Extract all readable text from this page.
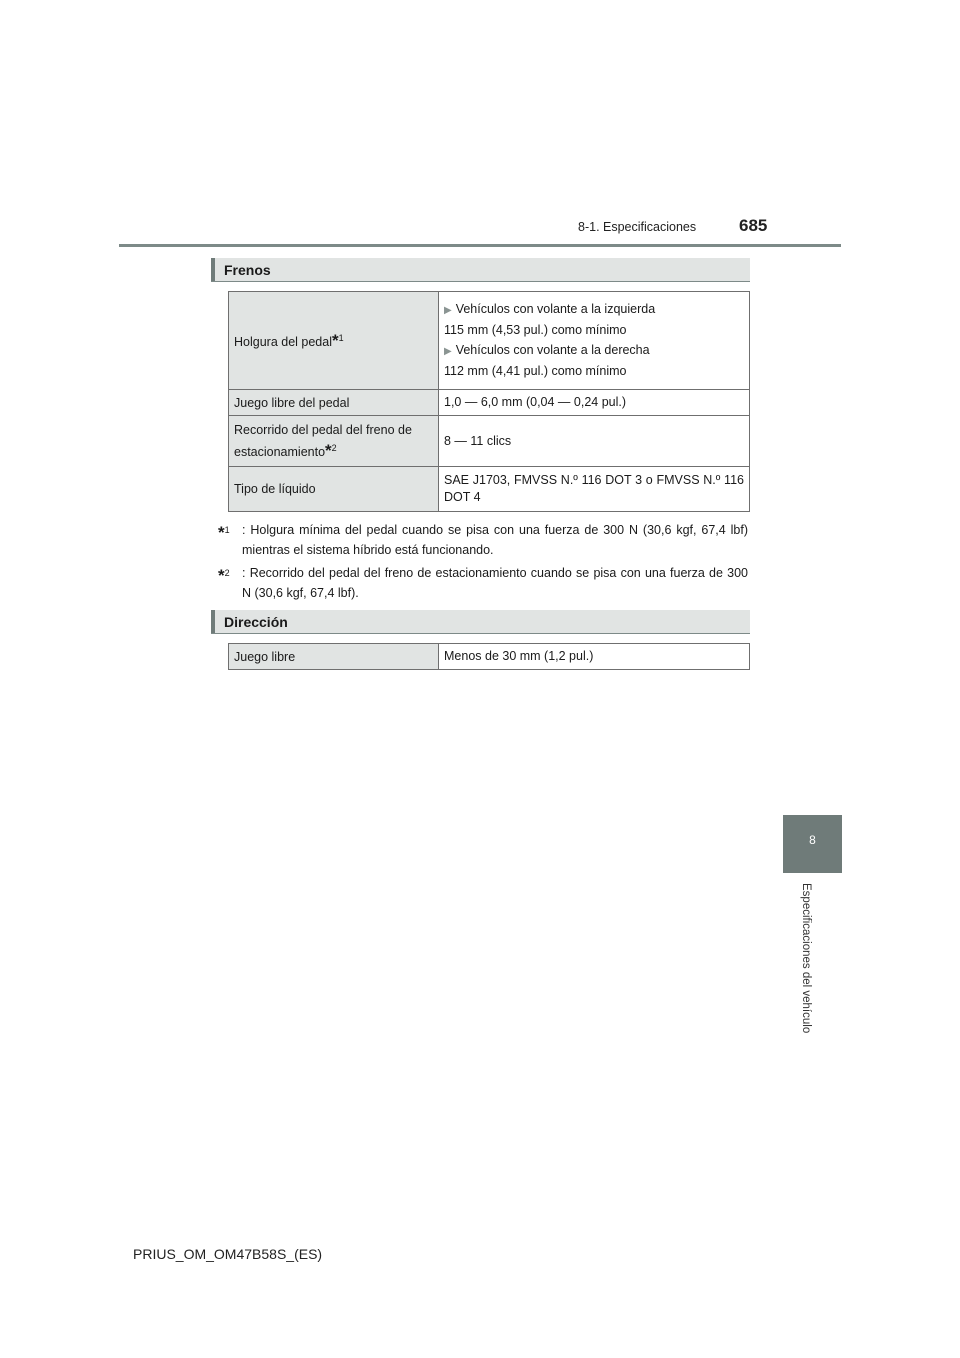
8-1. Especificaciones	685
Frenos
Holgura del pedal*$^1$	▶ Vehículos con volante a la izquierda
115 mm (4,53 pul.) como mínimo
▶ Vehículos con volante a la derecha
112 mm (4,41 pul.) como mínimo

Juego libre del pedal	1,0 — 6,0 mm (0,04 — 0,24 pul.)

Recorrido del pedal del freno de
estacionamiento*$^2$	8 — 11 clics
Tipo de líquido	SAE J1703, FMVSS N.º 116 DOT 3 o FMVSS N.º 116 DOT 4
*$^1$ : Holgura mínima del pedal cuando se pisa con una fuerza de 300 N (30,6 kgf, 67,4 lbf) mientras el sistema híbrido está funcionando.
*$^2$ : Recorrido del pedal del freno de estacionamiento cuando se pisa con una fuerza de 300 N (30,6 kgf, 67,4 lbf).
Dirección
Juego libre	Menos de 30 mm (1,2 pul.)
8
Especificaciones del vehículo
PRIUS_OM_OM47B58S_(ES)
